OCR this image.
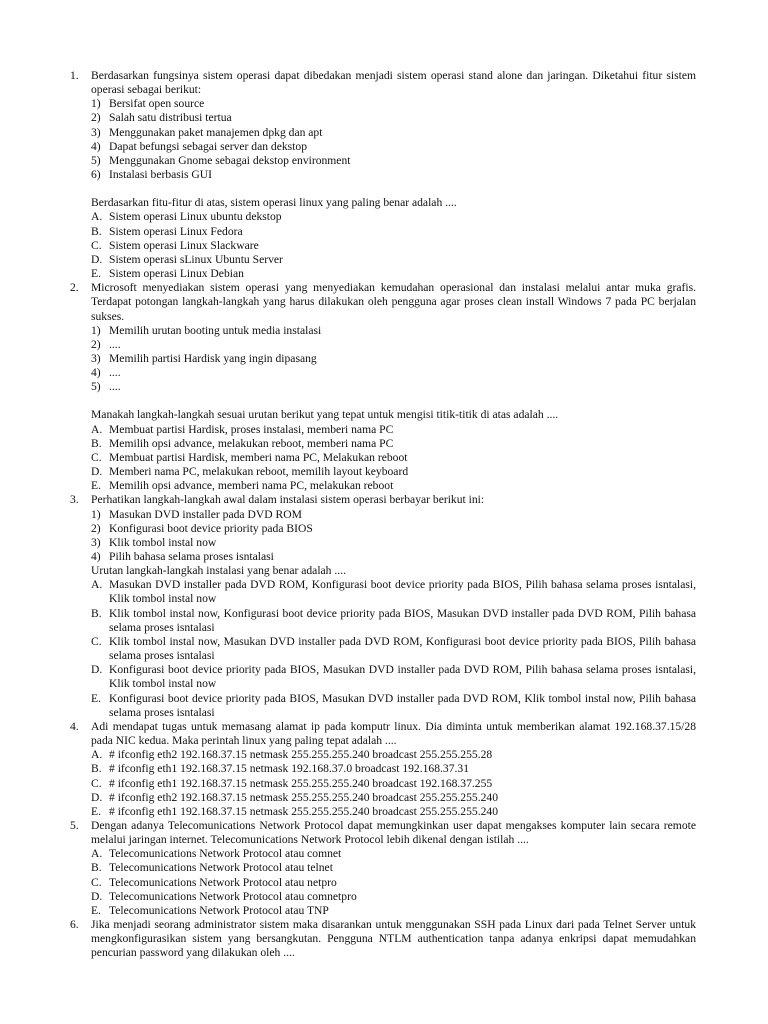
1. Berdasarkan fungsinya sistem operasi dapat dibedakan menjadi sistem operasi stand alone dan jaringan. Diketahui fitur sistem operasi sebagai berikut:
1) Bersifat open source
2) Salah satu distribusi tertua
3) Menggunakan paket manajemen dpkg dan apt
4) Dapat befungsi sebagai server dan dekstop
5) Menggunakan Gnome sebagai dekstop environment
6) Instalasi berbasis GUI
Berdasarkan fitu-fitur di atas, sistem operasi linux yang paling benar adalah ....
A. Sistem operasi Linux ubuntu dekstop
B. Sistem operasi Linux Fedora
C. Sistem operasi Linux Slackware
D. Sistem operasi sLinux Ubuntu Server
E. Sistem operasi Linux Debian
2. Microsoft menyediakan sistem operasi yang menyediakan kemudahan operasional dan instalasi melalui antar muka grafis. Terdapat potongan langkah-langkah yang harus dilakukan oleh pengguna agar proses clean install Windows 7 pada PC berjalan sukses.
1) Memilih urutan booting untuk media instalasi
2) ....
3) Memilih partisi Hardisk yang ingin dipasang
4) ....
5) ....
Manakah langkah-langkah sesuai urutan berikut yang tepat untuk mengisi titik-titik di atas adalah ....
A. Membuat partisi Hardisk, proses instalasi, memberi nama PC
B. Memilih opsi advance, melakukan reboot, memberi nama PC
C. Membuat partisi Hardisk, memberi nama PC, Melakukan reboot
D. Memberi nama PC, melakukan reboot, memilih layout keyboard
E. Memilih opsi advance, memberi nama PC, melakukan reboot
3. Perhatikan langkah-langkah awal dalam instalasi sistem operasi berbayar berikut ini:
1) Masukan DVD installer pada DVD ROM
2) Konfigurasi boot device priority pada BIOS
3) Klik tombol instal now
4) Pilih bahasa selama proses isntalasi
Urutan langkah-langkah instalasi yang benar adalah ....
A. Masukan DVD installer pada DVD ROM, Konfigurasi boot device priority pada BIOS, Pilih bahasa selama proses isntalasi, Klik tombol instal now
B. Klik tombol instal now, Konfigurasi boot device priority pada BIOS, Masukan DVD installer pada DVD ROM, Pilih bahasa selama proses isntalasi
C. Klik tombol instal now, Masukan DVD installer pada DVD ROM, Konfigurasi boot device priority pada BIOS, Pilih bahasa selama proses isntalasi
D. Konfigurasi boot device priority pada BIOS, Masukan DVD installer pada DVD ROM, Pilih bahasa selama proses isntalasi, Klik tombol instal now
E. Konfigurasi boot device priority pada BIOS, Masukan DVD installer pada DVD ROM, Klik tombol instal now, Pilih bahasa selama proses isntalasi
4. Adi mendapat tugas untuk memasang alamat ip pada komputr linux. Dia diminta untuk memberikan alamat 192.168.37.15/28 pada NIC kedua. Maka perintah linux yang paling tepat adalah ....
A. # ifconfig eth2 192.168.37.15 netmask 255.255.255.240 broadcast 255.255.255.28
B. # ifconfig eth1 192.168.37.15 netmask 192.168.37.0 broadcast 192.168.37.31
C. # ifconfig eth1 192.168.37.15 netmask 255.255.255.240 broadcast 192.168.37.255
D. # ifconfig eth2 192.168.37.15 netmask 255.255.255.240 broadcast 255.255.255.240
E. # ifconfig eth1 192.168.37.15 netmask 255.255.255.240 broadcast 255.255.255.240
5. Dengan adanya Telecomunications Network Protocol dapat memungkinkan user dapat mengakses komputer lain secara remote melalui jaringan internet. Telecomunications Network Protocol lebih dikenal dengan istilah ....
A. Telecomunications Network Protocol atau comnet
B. Telecomunications Network Protocol atau telnet
C. Telecomunications Network Protocol atau netpro
D. Telecomunications Network Protocol atau comnetpro
E. Telecomunications Network Protocol atau TNP
6. Jika menjadi seorang administrator sistem maka disarankan untuk menggunakan SSH pada Linux dari pada Telnet Server untuk mengkonfigurasikan sistem yang bersangkutan. Pengguna NTLM authentication tanpa adanya enkripsi dapat memudahkan pencurian password yang dilakukan oleh ....
